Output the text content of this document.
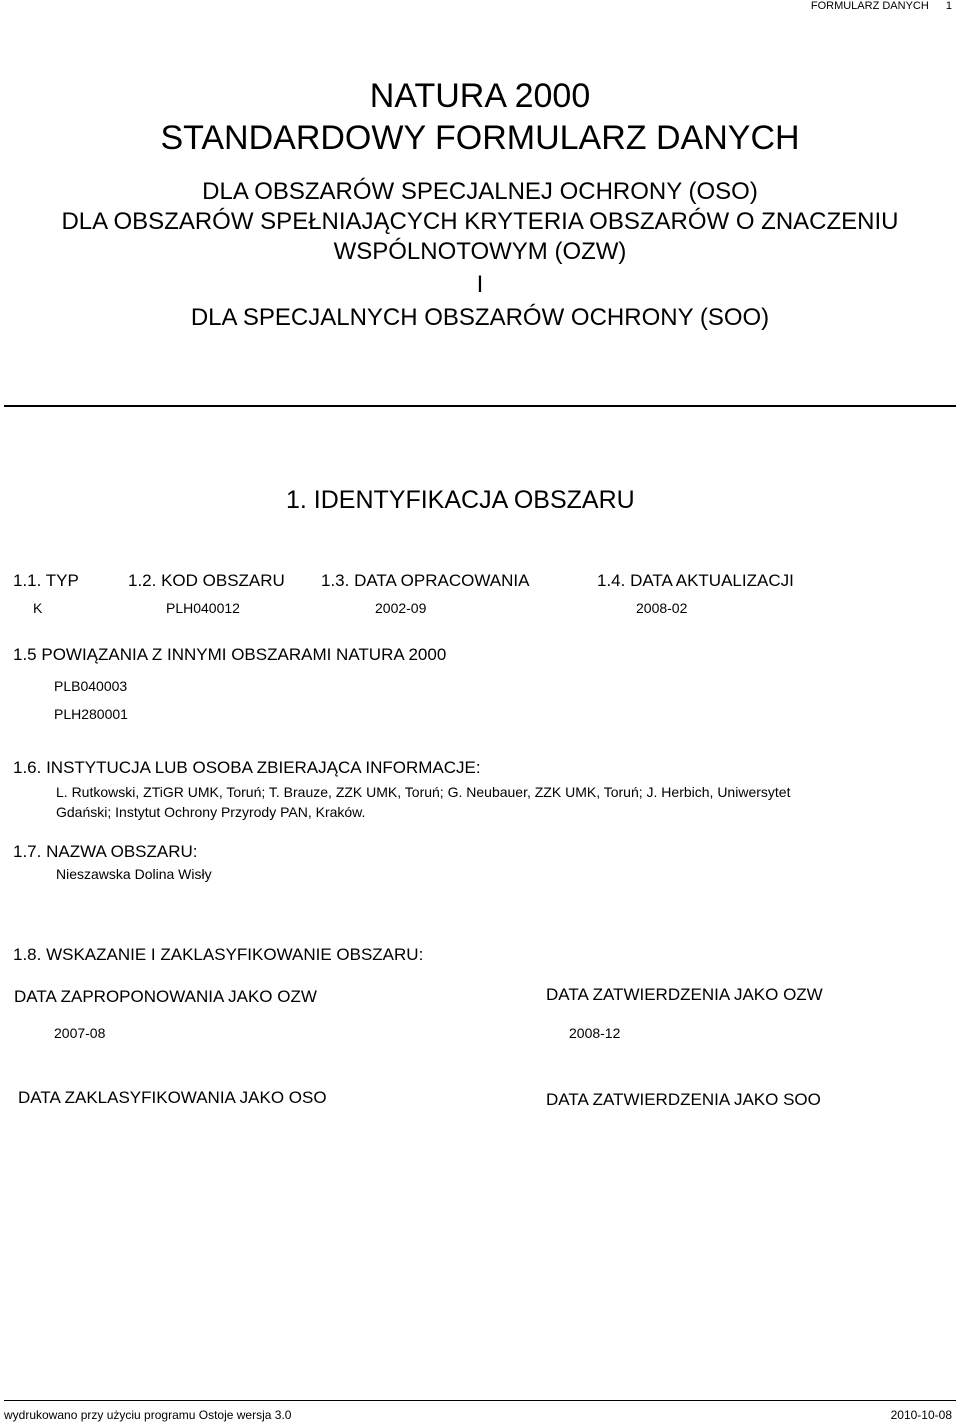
FORMULARZ DANYCH 1
NATURA 2000
STANDARDOWY FORMULARZ DANYCH
DLA OBSZARÓW SPECJALNEJ OCHRONY (OSO)
DLA OBSZARÓW SPEŁNIAJĄCYCH KRYTERIA OBSZARÓW O ZNACZENIU
WSPÓLNOTOWYM (OZW)
I
DLA SPECJALNYCH OBSZARÓW OCHRONY (SOO)
1. IDENTYFIKACJA OBSZARU
1.1. TYP	1.2. KOD OBSZARU 1.3. DATA OPRACOWANIA	1.4. DATA AKTUALIZACJI
K	PLH040012	2002-09	2008-02
1.5 POWIĄZANIA Z INNYMI OBSZARAMI NATURA 2000
PLB040003
PLH280001
1.6. INSTYTUCJA LUB OSOBA ZBIERAJĄCA INFORMACJE:
L. Rutkowski, ZTiGR UMK, Toruń; T. Brauze, ZZK UMK, Toruń; G. Neubauer, ZZK UMK, Toruń; J. Herbich, Uniwersytet
Gdański; Instytut Ochrony Przyrody PAN, Kraków.
1.7. NAZWA OBSZARU:
Nieszawska Dolina Wisły
1.8. WSKAZANIE I ZAKLASYFIKOWANIE OBSZARU:
DATA ZAPROPONOWANIA JAKO OZW	DATA ZATWIERDZENIA JAKO OZW
2007-08	2008-12
DATA ZAKLASYFIKOWANIA JAKO OSO	DATA ZATWIERDZENIA JAKO SOO
wydrukowano przy użyciu programu Ostoje wersja 3.0	2010-10-08
